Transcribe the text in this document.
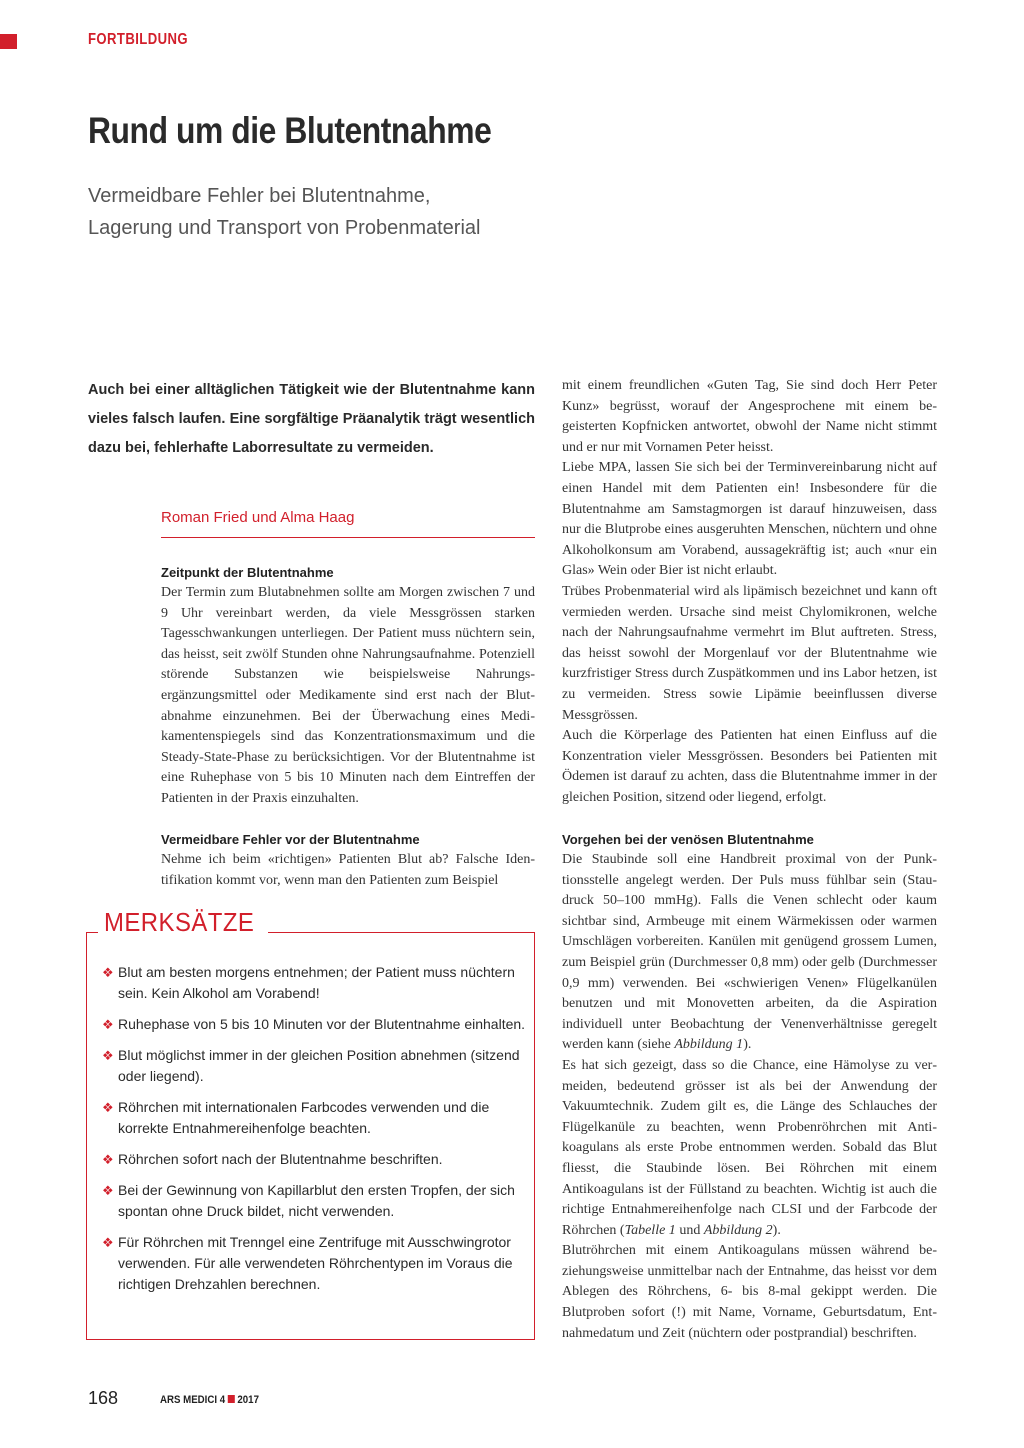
FORTBILDUNG
Rund um die Blutentnahme
Vermeidbare Fehler bei Blutentnahme,
Lagerung und Transport von Probenmaterial
Auch bei einer alltäglichen Tätigkeit wie der Blutentnahme kann vieles falsch laufen. Eine sorgfältige Präanalytik trägt wesentlich dazu bei, fehlerhafte Laborresultate zu vermeiden.
Roman Fried und Alma Haag
Zeitpunkt der Blutentnahme
Der Termin zum Blutabnehmen sollte am Morgen zwischen 7 und 9 Uhr vereinbart werden, da viele Messgrössen starken Tagesschwankungen unterliegen. Der Patient muss nüchtern sein, das heisst, seit zwölf Stunden ohne Nahrungsaufnahme. Potenziell störende Substanzen wie beispielsweise Nahrungsergänzungsmittel oder Medikamente sind erst nach der Blutabnahme einzunehmen. Bei der Überwachung eines Medikamentenspiegels sind das Konzentrationsmaximum und die Steady-State-Phase zu berücksichtigen. Vor der Blutentnahme ist eine Ruhephase von 5 bis 10 Minuten nach dem Eintreffen der Patienten in der Praxis einzuhalten.
Vermeidbare Fehler vor der Blutentnahme
Nehme ich beim «richtigen» Patienten Blut ab? Falsche Identifikation kommt vor, wenn man den Patienten zum Beispiel
MERKSÄTZE
❖ Blut am besten morgens entnehmen; der Patient muss nüchtern sein. Kein Alkohol am Vorabend!
❖ Ruhephase von 5 bis 10 Minuten vor der Blutentnahme einhalten.
❖ Blut möglichst immer in der gleichen Position abnehmen (sitzend oder liegend).
❖ Röhrchen mit internationalen Farbcodes verwenden und die korrekte Entnahmereihenfolge beachten.
❖ Röhrchen sofort nach der Blutentnahme beschriften.
❖ Bei der Gewinnung von Kapillarblut den ersten Tropfen, der sich spontan ohne Druck bildet, nicht verwenden.
❖ Für Röhrchen mit Trenngel eine Zentrifuge mit Ausschwingrotor verwenden. Für alle verwendeten Röhrchentypen im Voraus die richtigen Drehzahlen berechnen.

mit einem freundlichen «Guten Tag, Sie sind doch Herr Peter Kunz» begrüsst, worauf der Angesprochene mit einem begeisterten Kopfnicken antwortet, obwohl der Name nicht stimmt und er nur mit Vornamen Peter heisst.

Liebe MPA, lassen Sie sich bei der Terminvereinbarung nicht auf einen Handel mit dem Patienten ein! Insbesondere für die Blutentnahme am Samstagmorgen ist darauf hinzuweisen, dass nur die Blutprobe eines ausgeruhten Menschen, nüchtern und ohne Alkoholkonsum am Vorabend, aussagekräftig ist; auch «nur ein Glas» Wein oder Bier ist nicht erlaubt.

Trübes Probenmaterial wird als lipämisch bezeichnet und kann oft vermieden werden. Ursache sind meist Chylomikronen, welche nach der Nahrungsaufnahme vermehrt im Blut auftreten. Stress, das heisst sowohl der Morgenlauf vor der Blutentnahme wie kurzfristiger Stress durch Zuspätkommen und ins Labor hetzen, ist zu vermeiden. Stress sowie Lipämie beeinflussen diverse Messgrössen.

Auch die Körperlage des Patienten hat einen Einfluss auf die Konzentration vieler Messgrössen. Besonders bei Patienten mit Ödemen ist darauf zu achten, dass die Blutentnahme immer in der gleichen Position, sitzend oder liegend, erfolgt.

Vorgehen bei der venösen Blutentnahme

Die Staubinde soll eine Handbreit proximal von der Punktionsstelle angelegt werden. Der Puls muss fühlbar sein (Staudruck 50–100 mmHg). Falls die Venen schlecht oder kaum sichtbar sind, Armbeuge mit einem Wärmekissen oder warmen Umschlägen vorbereiten. Kanülen mit genügend grossem Lumen, zum Beispiel grün (Durchmesser 0,8 mm) oder gelb (Durchmesser 0,9 mm) verwenden. Bei «schwierigen Venen» Flügelkanülen benutzen und mit Monovetten arbeiten, da die Aspiration individuell unter Beobachtung der Venenverhältnisse geregelt werden kann (siehe Abbildung 1).

Es hat sich gezeigt, dass so die Chance, eine Hämolyse zu vermeiden, bedeutend grösser ist als bei der Anwendung der Vakuumtechnik. Zudem gilt es, die Länge des Schlauches der Flügelkanüle zu beachten, wenn Probenröhrchen mit Antikoagulans als erste Probe entnommen werden. Sobald das Blut fliesst, die Staubinde lösen. Bei Röhrchen mit einem Antikoagulans ist der Füllstand zu beachten. Wichtig ist auch die richtige Entnahmereihenfolge nach CLSI und der Farbcode der Röhrchen (Tabelle 1 und Abbildung 2).

Blutröhrchen mit einem Antikoagulans müssen während beziehungsweise unmittelbar nach der Entnahme, das heisst vor dem Ablegen des Röhrchens, 6- bis 8-mal gekippt werden. Die Blutproben sofort (!) mit Name, Vorname, Geburtsdatum, Entnahmedatum und Zeit (nüchtern oder postprandial) beschriften.

168	ARS MEDICI 4 2017
